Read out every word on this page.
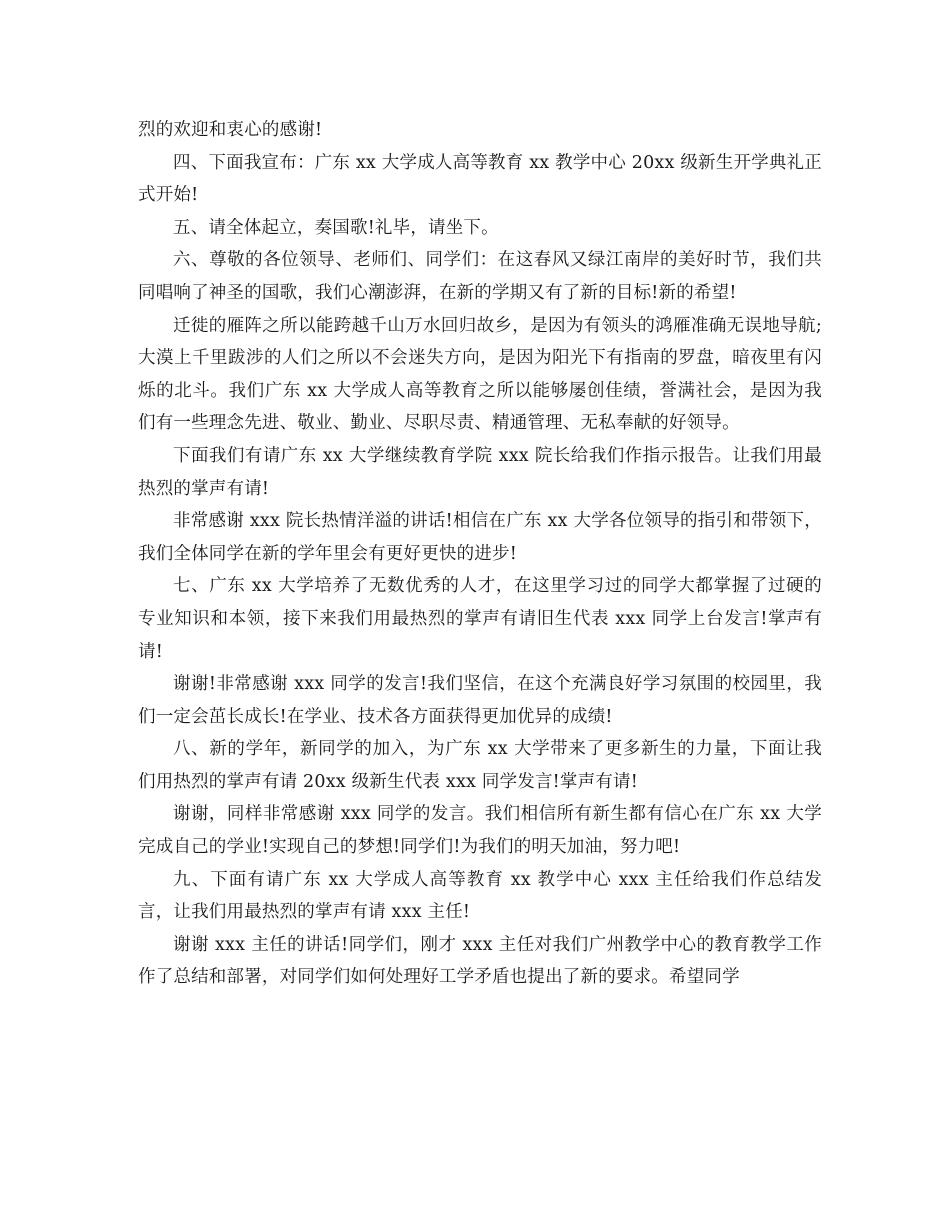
烈的欢迎和衷心的感谢!

四、下面我宣布：广东 xx 大学成人高等教育 xx 教学中心 20xx 级新生开学典礼正式开始!

五、请全体起立，奏国歌!礼毕，请坐下。

六、尊敬的各位领导、老师们、同学们：在这春风又绿江南岸的美好时节，我们共同唱响了神圣的国歌，我们心潮澎湃，在新的学期又有了新的目标!新的希望!

迁徙的雁阵之所以能跨越千山万水回归故乡，是因为有领头的鸿雁准确无误地导航;大漠上千里跋涉的人们之所以不会迷失方向，是因为阳光下有指南的罗盘，暗夜里有闪烁的北斗。我们广东 xx 大学成人高等教育之所以能够屡创佳绩，誉满社会，是因为我们有一些理念先进、敬业、勤业、尽职尽责、精通管理、无私奉献的好领导。

下面我们有请广东 xx 大学继续教育学院 xxx 院长给我们作指示报告。让我们用最热烈的掌声有请!

非常感谢 xxx 院长热情洋溢的讲话!相信在广东 xx 大学各位领导的指引和带领下，我们全体同学在新的学年里会有更好更快的进步!

七、广东 xx 大学培养了无数优秀的人才，在这里学习过的同学大都掌握了过硬的专业知识和本领，接下来我们用最热烈的掌声有请旧生代表 xxx 同学上台发言!掌声有请!

谢谢!非常感谢 xxx 同学的发言!我们坚信，在这个充满良好学习氛围的校园里，我们一定会茁长成长!在学业、技术各方面获得更加优异的成绩!

八、新的学年，新同学的加入，为广东 xx 大学带来了更多新生的力量，下面让我们用热烈的掌声有请 20xx 级新生代表 xxx 同学发言!掌声有请!

谢谢，同样非常感谢 xxx 同学的发言。我们相信所有新生都有信心在广东 xx 大学完成自己的学业!实现自己的梦想!同学们!为我们的明天加油，努力吧!

九、下面有请广东 xx 大学成人高等教育 xx 教学中心 xxx 主任给我们作总结发言，让我们用最热烈的掌声有请 xxx 主任!

谢谢 xxx 主任的讲话!同学们，刚才 xxx 主任对我们广州教学中心的教育教学工作作了总结和部署，对同学们如何处理好工学矛盾也提出了新的要求。希望同学
